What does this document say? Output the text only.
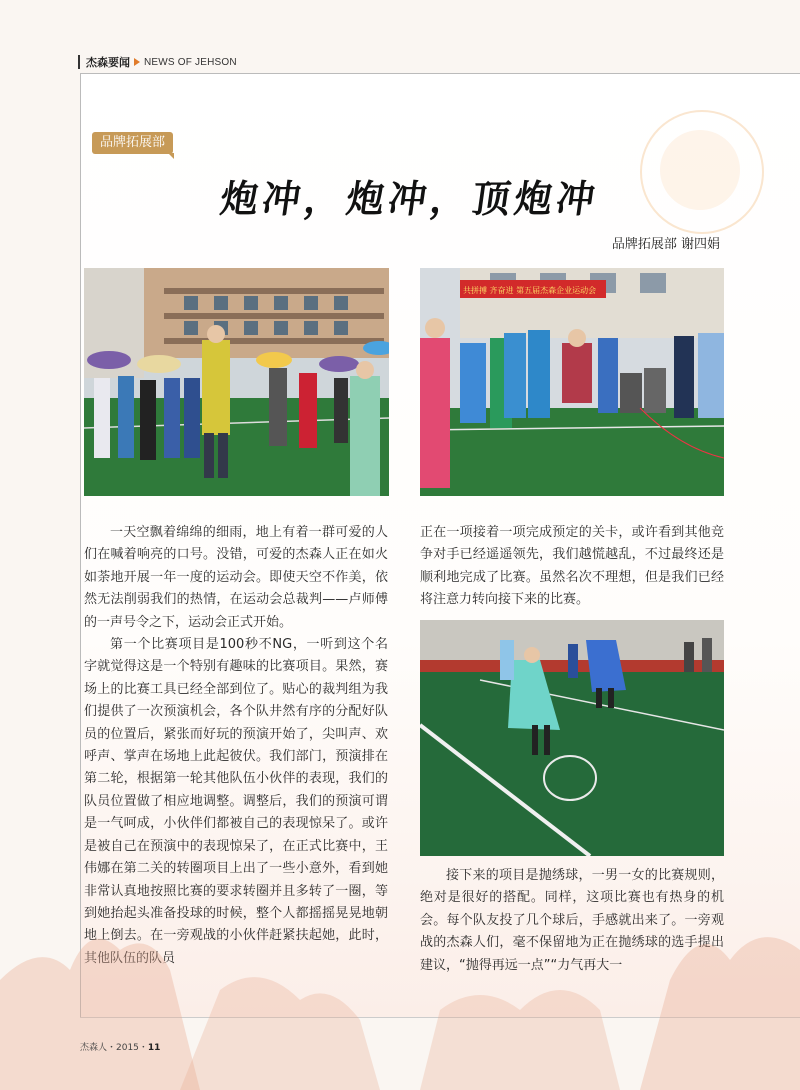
杰森要闻 NEWS OF JEHSON
品牌拓展部
炮冲，炮冲，顶炮冲
品牌拓展部 谢四娟
共拼搏 齐奋进 第五届杰森企业运动会

一天空飘着绵绵的细雨，地上有着一群可爱的人们在喊着响亮的口号。没错，可爱的杰森人正在如火如荼地开展一年一度的运动会。即使天空不作美，依然无法削弱我们的热情，在运动会总裁判——卢师傅的一声号令之下，运动会正式开始。

第一个比赛项目是100秒不NG，一听到这个名字就觉得这是一个特别有趣味的比赛项目。果然，赛场上的比赛工具已经全部到位了。贴心的裁判组为我们提供了一次预演机会，各个队井然有序的分配好队员的位置后，紧张而好玩的预演开始了，尖叫声、欢呼声、掌声在场地上此起彼伏。我们部门，预演排在第二轮，根据第一轮其他队伍小伙伴的表现，我们的队员位置做了相应地调整。调整后，我们的预演可谓是一气呵成，小伙伴们都被自己的表现惊呆了。或许是被自己在预演中的表现惊呆了，在正式比赛中，王伟娜在第二关的转圈项目上出了一些小意外，看到她非常认真地按照比赛的要求转圈并且多转了一圈，等到她抬起头准备投球的时候，整个人都摇摇晃晃地朝地上倒去。在一旁观战的小伙伴赶紧扶起她，此时，其他队伍的队员

正在一项接着一项完成预定的关卡，或许看到其他竞争对手已经遥遥领先，我们越慌越乱，不过最终还是顺利地完成了比赛。虽然名次不理想，但是我们已经将注意力转向接下来的比赛。

接下来的项目是抛绣球，一男一女的比赛规则，绝对是很好的搭配。同样，这项比赛也有热身的机会。每个队友投了几个球后，手感就出来了。一旁观战的杰森人们，毫不保留地为正在抛绣球的选手提出建议，“抛得再远一点”“力气再大一

杰森人・2015・11
